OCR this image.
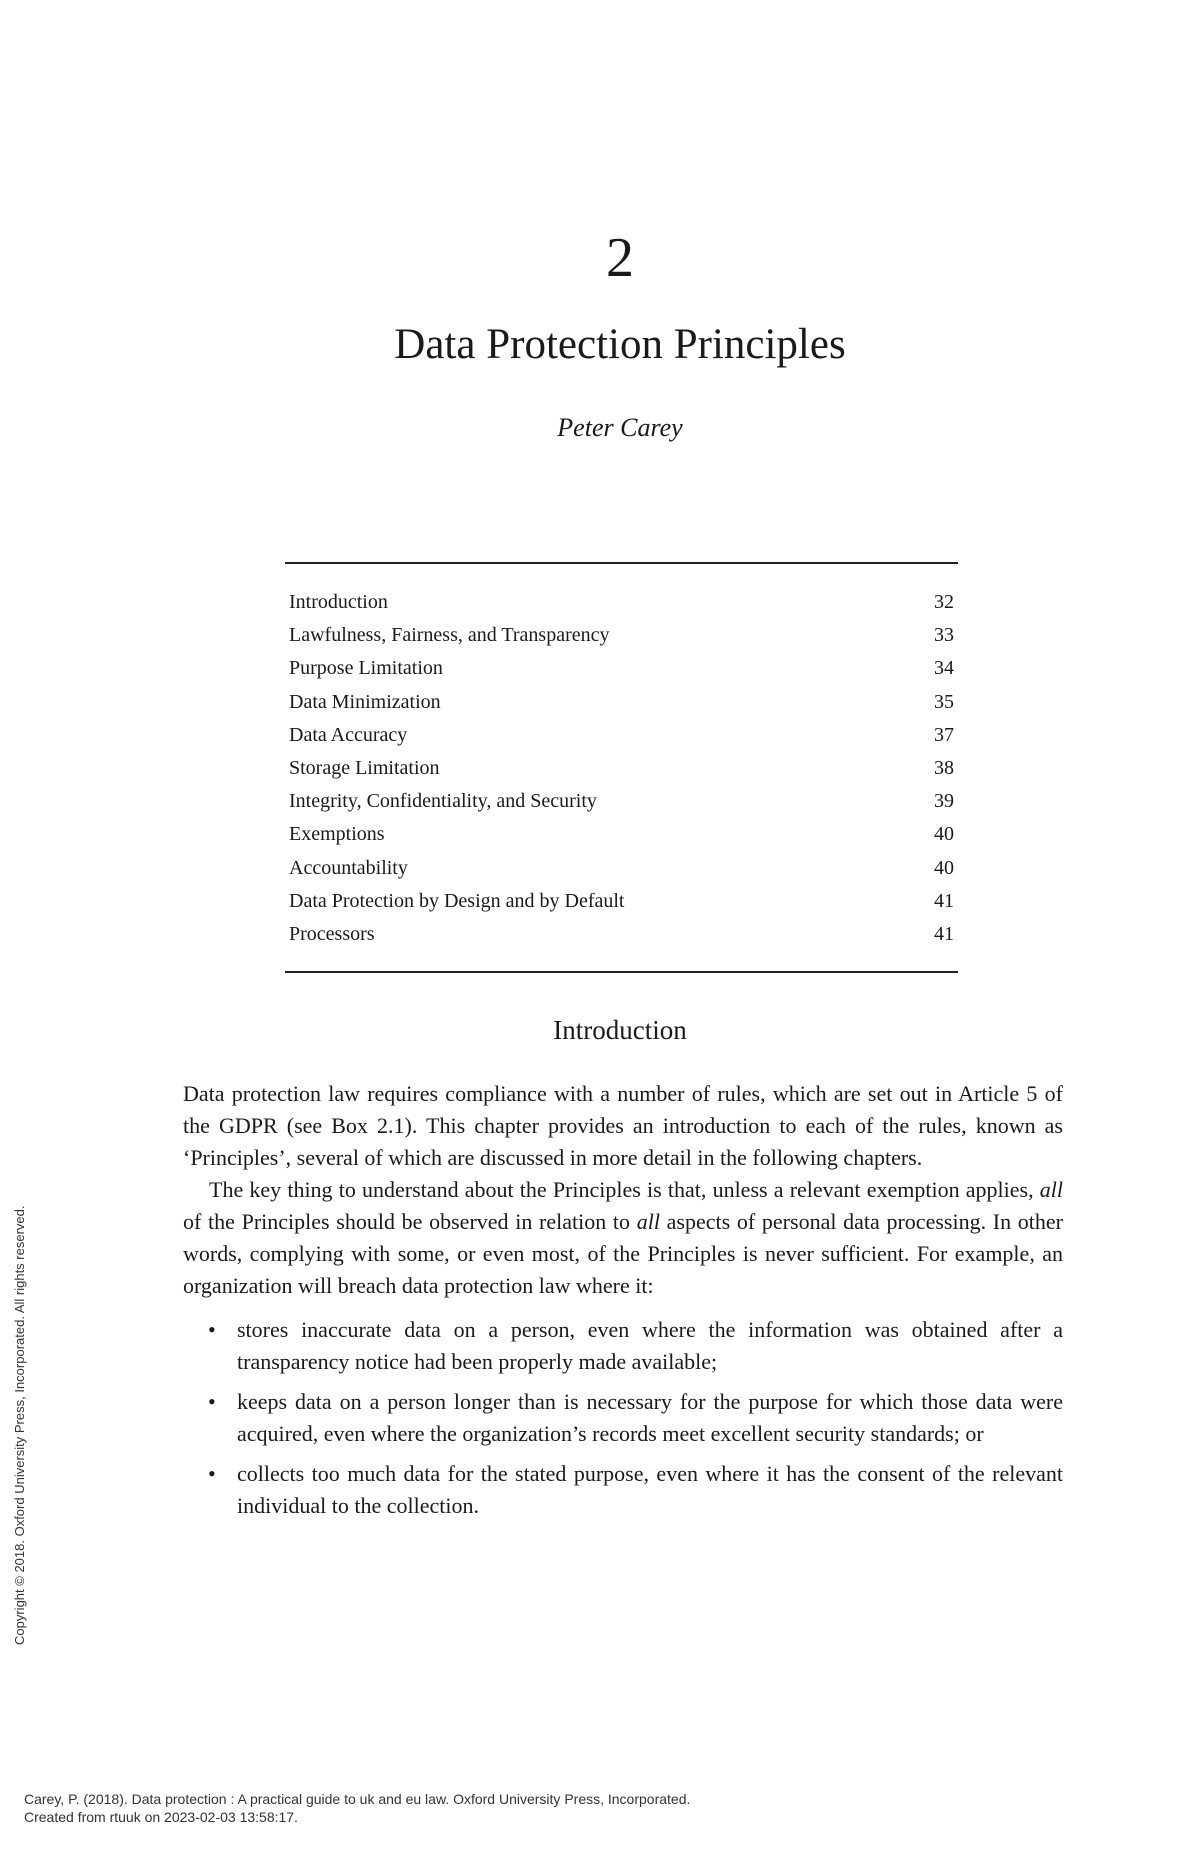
2
Data Protection Principles
Peter Carey
Introduction	32
Lawfulness, Fairness, and Transparency	33
Purpose Limitation	34
Data Minimization	35
Data Accuracy	37
Storage Limitation	38
Integrity, Confidentiality, and Security	39
Exemptions	40
Accountability	40
Data Protection by Design and by Default	41
Processors	41
Introduction

Data protection law requires compliance with a number of rules, which are set out in Article 5 of the GDPR (see Box 2.1). This chapter provides an introduction to each of the rules, known as ‘Principles’, several of which are discussed in more detail in the following chapters.

The key thing to understand about the Principles is that, unless a relevant exemption applies, all of the Principles should be observed in relation to all aspects of personal data processing. In other words, complying with some, or even most, of the Principles is never sufficient. For example, an organization will breach data protection law where it:

• stores inaccurate data on a person, even where the information was obtained after a transparency notice had been properly made available;
• keeps data on a person longer than is necessary for the purpose for which those data were acquired, even where the organization’s records meet excellent security standards; or
• collects too much data for the stated purpose, even where it has the consent of the relevant individual to the collection.
Copyright © 2018. Oxford University Press, Incorporated. All rights reserved.
Carey, P. (2018). Data protection : A practical guide to uk and eu law. Oxford University Press, Incorporated.
Created from rtuuk on 2023-02-03 13:58:17.
